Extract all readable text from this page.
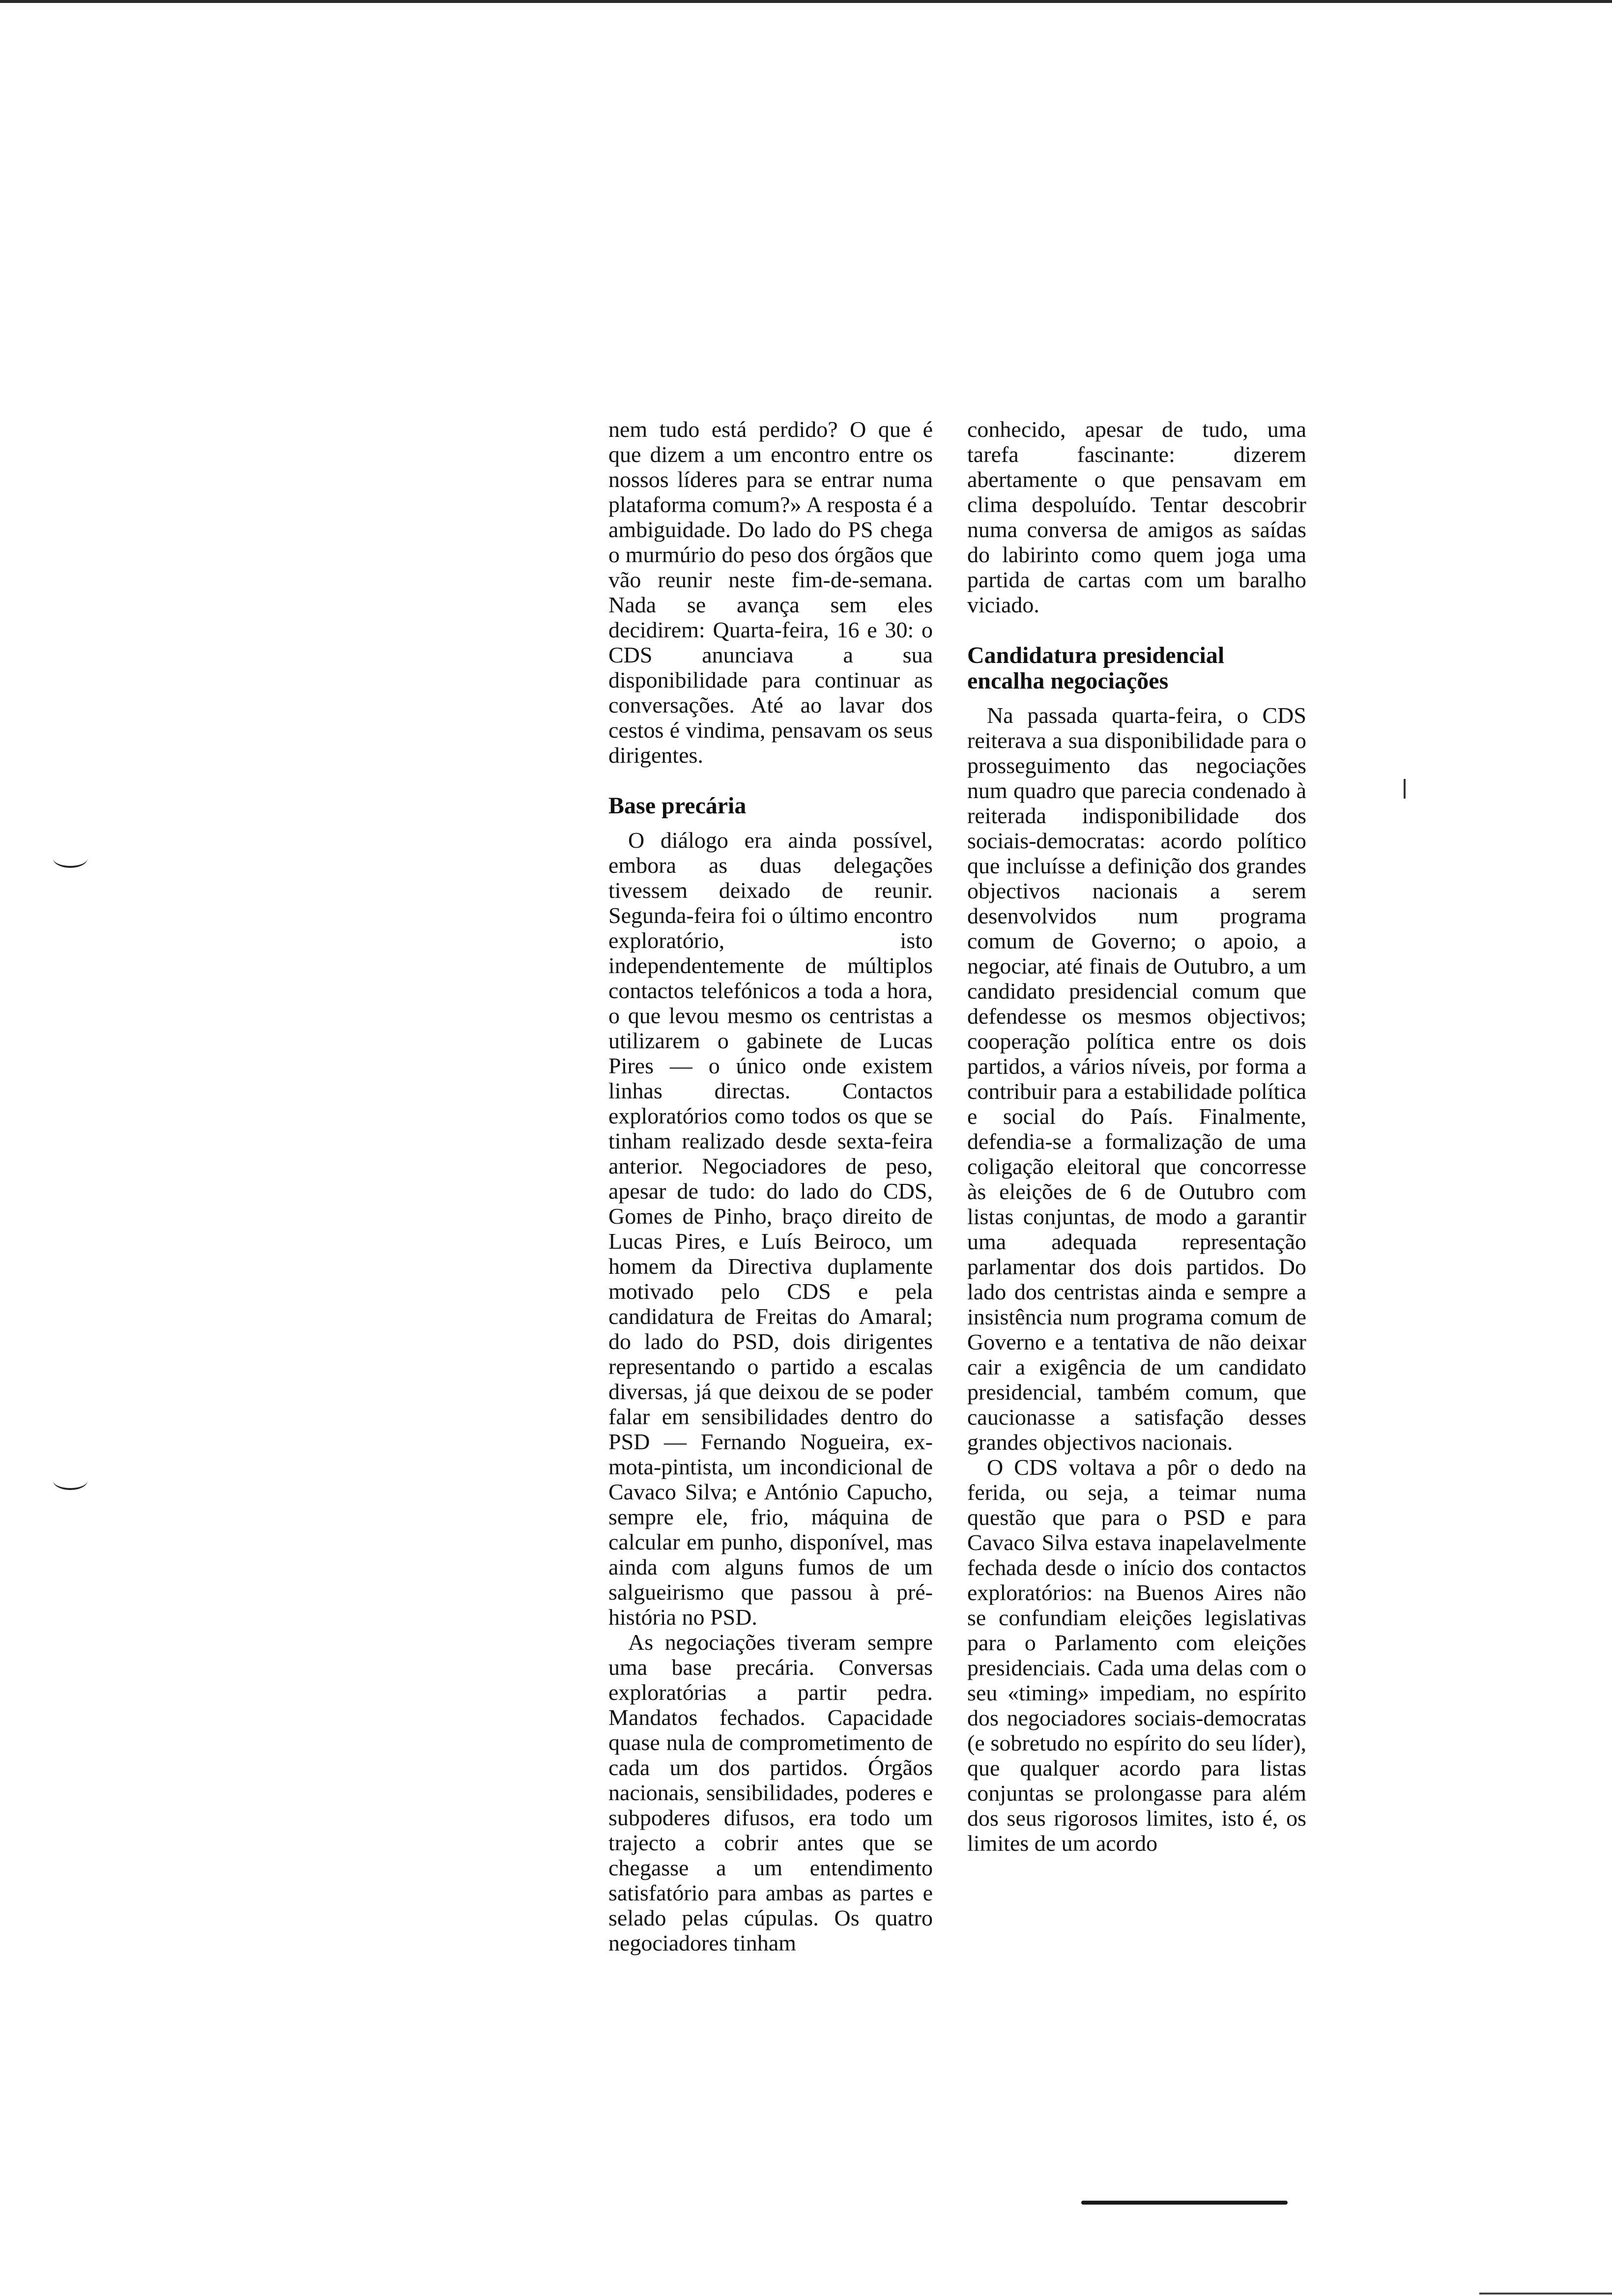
nem tudo está perdido? O que é que dizem a um encontro entre os nossos líderes para se entrar numa plataforma comum?» A resposta é a ambiguidade. Do lado do PS chega o murmúrio do peso dos órgãos que vão reunir neste fim-de-semana. Nada se avança sem eles decidirem: Quarta-feira, 16 e 30: o CDS anunciava a sua disponibilidade para continuar as conversações. Até ao lavar dos cestos é vindima, pensavam os seus dirigentes.

Base precária

O diálogo era ainda possível, embora as duas delegações tivessem deixado de reunir. Segunda-feira foi o último encontro exploratório, isto independentemente de múltiplos contactos telefónicos a toda a hora, o que levou mesmo os centristas a utilizarem o gabinete de Lucas Pires — o único onde existem linhas directas. Contactos exploratórios como todos os que se tinham realizado desde sexta-feira anterior. Negociadores de peso, apesar de tudo: do lado do CDS, Gomes de Pinho, braço direito de Lucas Pires, e Luís Beiroco, um homem da Directiva duplamente motivado pelo CDS e pela candidatura de Freitas do Amaral; do lado do PSD, dois dirigentes representando o partido a escalas diversas, já que deixou de se poder falar em sensibilidades dentro do PSD — Fernando Nogueira, ex-mota-pintista, um incondicional de Cavaco Silva; e António Capucho, sempre ele, frio, máquina de calcular em punho, disponível, mas ainda com alguns fumos de um salgueirismo que passou à pré-história no PSD.

As negociações tiveram sempre uma base precária. Conversas exploratórias a partir pedra. Mandatos fechados. Capacidade quase nula de comprometimento de cada um dos partidos. Órgãos nacionais, sensibilidades, poderes e subpoderes difusos, era todo um trajecto a cobrir antes que se chegasse a um entendimento satisfatório para ambas as partes e selado pelas cúpulas. Os quatro negociadores tinham

conhecido, apesar de tudo, uma tarefa fascinante: dizerem abertamente o que pensavam em clima despoluído. Tentar descobrir numa conversa de amigos as saídas do labirinto como quem joga uma partida de cartas com um baralho viciado.

Candidatura presidencial encalha negociações

Na passada quarta-feira, o CDS reiterava a sua disponibilidade para o prosseguimento das negociações num quadro que parecia condenado à reiterada indisponibilidade dos sociais-democratas: acordo político que incluísse a definição dos grandes objectivos nacionais a serem desenvolvidos num programa comum de Governo; o apoio, a negociar, até finais de Outubro, a um candidato presidencial comum que defendesse os mesmos objectivos; cooperação política entre os dois partidos, a vários níveis, por forma a contribuir para a estabilidade política e social do País. Finalmente, defendia-se a formalização de uma coligação eleitoral que concorresse às eleições de 6 de Outubro com listas conjuntas, de modo a garantir uma adequada representação parlamentar dos dois partidos. Do lado dos centristas ainda e sempre a insistência num programa comum de Governo e a tentativa de não deixar cair a exigência de um candidato presidencial, também comum, que caucionasse a satisfação desses grandes objectivos nacionais.

O CDS voltava a pôr o dedo na ferida, ou seja, a teimar numa questão que para o PSD e para Cavaco Silva estava inapelavelmente fechada desde o início dos contactos exploratórios: na Buenos Aires não se confundiam eleições legislativas para o Parlamento com eleições presidenciais. Cada uma delas com o seu «timing» impediam, no espírito dos negociadores sociais-democratas (e sobretudo no espírito do seu líder), que qualquer acordo para listas conjuntas se prolongasse para além dos seus rigorosos limites, isto é, os limites de um acordo
